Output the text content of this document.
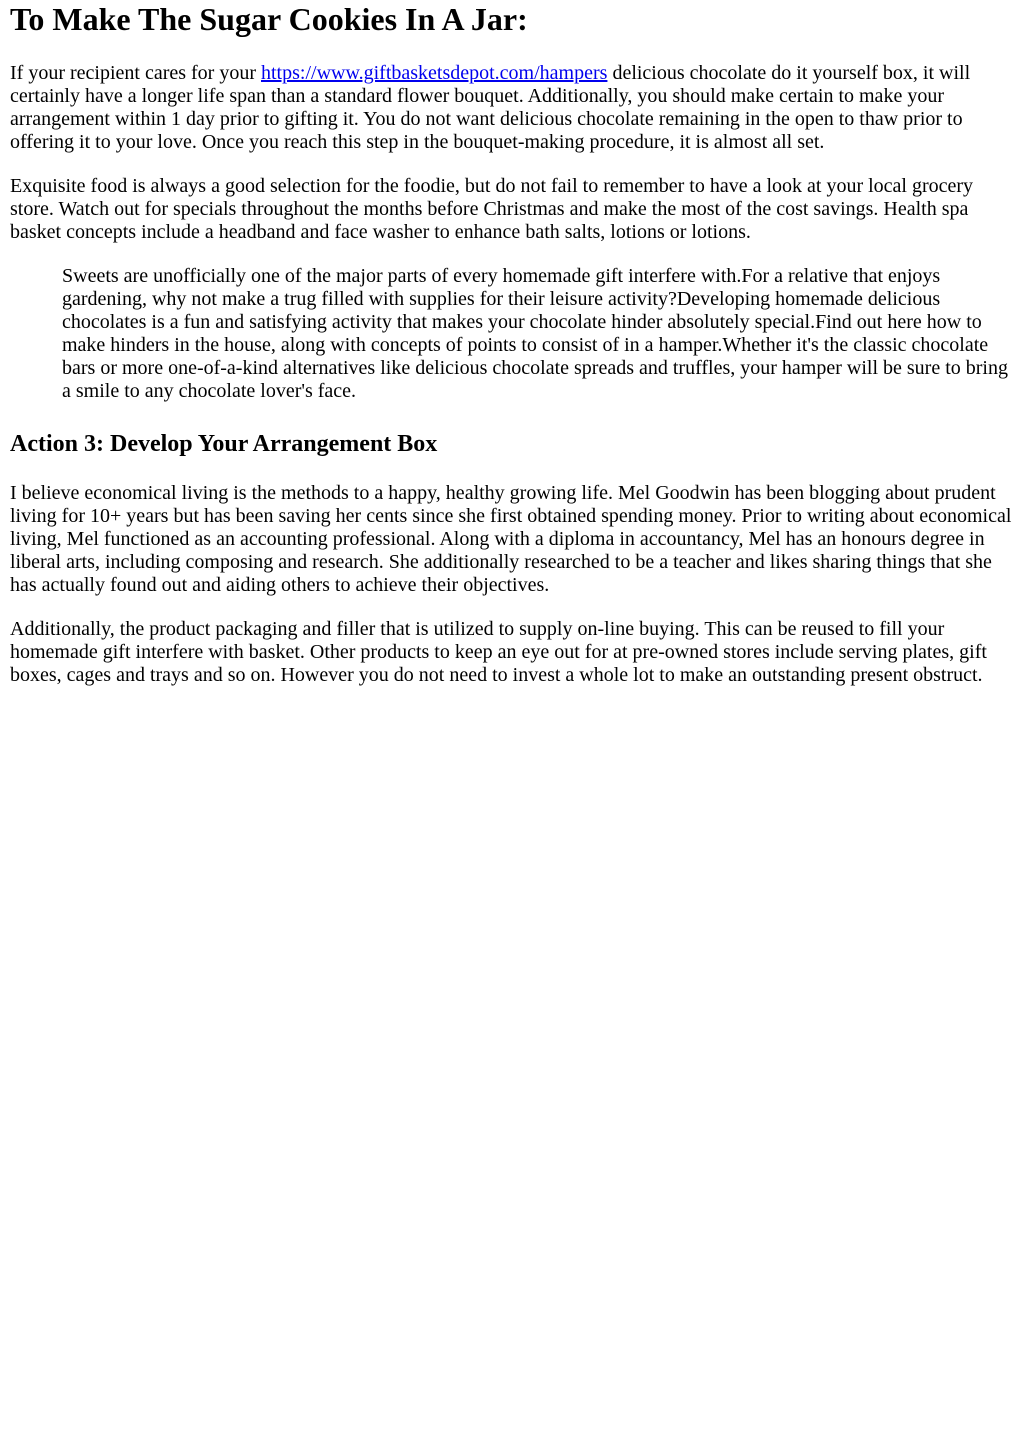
To Make The Sugar Cookies In A Jar:

If your recipient cares for your https://www.giftbasketsdepot.com/hampers delicious chocolate do it yourself box, it will certainly have a longer life span than a standard flower bouquet. Additionally, you should make certain to make your arrangement within 1 day prior to gifting it. You do not want delicious chocolate remaining in the open to thaw prior to offering it to your love. Once you reach this step in the bouquet-making procedure, it is almost all set.

Exquisite food is always a good selection for the foodie, but do not fail to remember to have a look at your local grocery store. Watch out for specials throughout the months before Christmas and make the most of the cost savings. Health spa basket concepts include a headband and face washer to enhance bath salts, lotions or lotions.

Sweets are unofficially one of the major parts of every homemade gift interfere with.For a relative that enjoys gardening, why not make a trug filled with supplies for their leisure activity?Developing homemade delicious chocolates is a fun and satisfying activity that makes your chocolate hinder absolutely special.Find out here how to make hinders in the house, along with concepts of points to consist of in a hamper.Whether it's the classic chocolate bars or more one-of-a-kind alternatives like delicious chocolate spreads and truffles, your hamper will be sure to bring a smile to any chocolate lover's face.
Action 3: Develop Your Arrangement Box

I believe economical living is the methods to a happy, healthy growing life. Mel Goodwin has been blogging about prudent living for 10+ years but has been saving her cents since she first obtained spending money. Prior to writing about economical living, Mel functioned as an accounting professional. Along with a diploma in accountancy, Mel has an honours degree in liberal arts, including composing and research. She additionally researched to be a teacher and likes sharing things that she has actually found out and aiding others to achieve their objectives.

Additionally, the product packaging and filler that is utilized to supply on-line buying. This can be reused to fill your homemade gift interfere with basket. Other products to keep an eye out for at pre-owned stores include serving plates, gift boxes, cages and trays and so on. However you do not need to invest a whole lot to make an outstanding present obstruct.
